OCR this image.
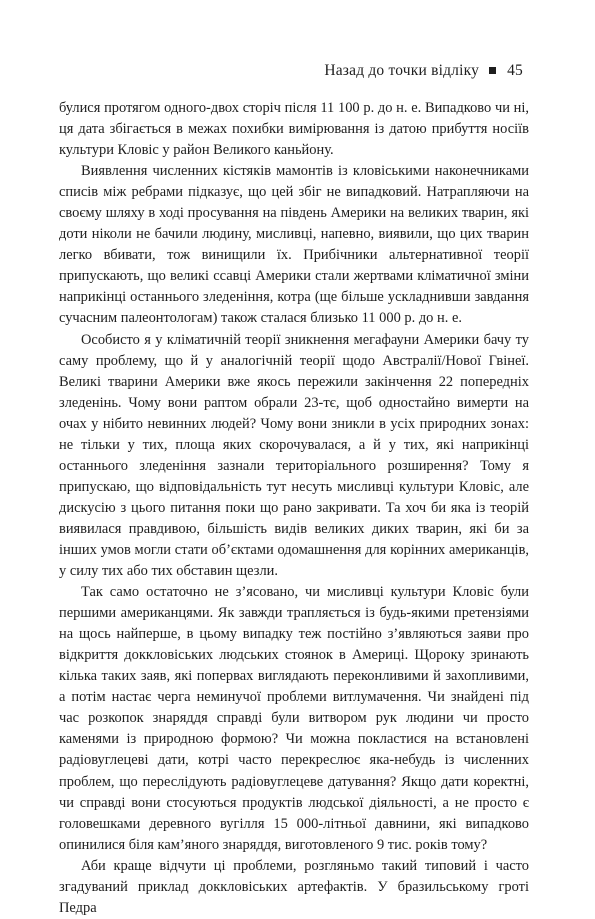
Назад до точки відліку 45

булися протягом одного-двох сторіч після 11 100 р. до н. е. Випадково чи ні, ця дата збігається в межах похибки вимірювання із датою прибуття носіїв культури Кловіс у район Великого каньйону.

Виявлення численних кістяків мамонтів із кловіськими наконечниками списів між ребрами підказує, що цей збіг не випадковий. Натрапляючи на своєму шляху в ході просування на південь Америки на великих тварин, які доти ніколи не бачили людину, мисливці, напевно, виявили, що цих тварин легко вбивати, тож винищили їх. Прибічники альтернативної теорії припускають, що великі ссавці Америки стали жертвами кліматичної зміни наприкінці останнього зледеніння, котра (ще більше ускладнивши завдання сучасним палеонтологам) також сталася близько 11 000 р. до н. е.

Особисто я у кліматичній теорії зникнення мегафауни Америки бачу ту саму проблему, що й у аналогічній теорії щодо Австралії/Нової Гвінеї. Великі тварини Америки вже якось пережили закінчення 22 попередніх зледенінь. Чому вони раптом обрали 23-тє, щоб одностайно вимерти на очах у нібито невинних людей? Чому вони зникли в усіх природних зонах: не тільки у тих, площа яких скорочувалася, а й у тих, які наприкінці останнього зледеніння зазнали територіального розширення? Тому я припускаю, що відповідальність тут несуть мисливці культури Кловіс, але дискусію з цього питання поки що рано закривати. Та хоч би яка із теорій виявилася правдивою, більшість видів великих диких тварин, які би за інших умов могли стати об’єктами одомашнення для корінних американців, у силу тих або тих обставин щезли.

Так само остаточно не з’ясовано, чи мисливці культури Кловіс були першими американцями. Як завжди трапляється із будь-якими претензіями на щось найперше, в цьому випадку теж постійно з’являються заяви про відкриття доккловіських людських стоянок в Америці. Щороку зринають кілька таких заяв, які поперваx виглядають переконливими й захопливими, а потім настає черга неминучої проблеми витлумачення. Чи знайдені під час розкопок знаряддя справді були витвором рук людини чи просто каменями із природною формою? Чи можна покластися на встановлені радіовуглецеві дати, котрі часто перекреслює яка-небудь із численних проблем, що переслідують радіовуглецеве датування? Якщо дати коректні, чи справді вони стосуються продуктів людської діяльності, а не просто є головешками деревного вугілля 15 000-літньої давнини, які випадково опинилися біля кам’яного знаряддя, виготовленого 9 тис. років тому?

Аби краще відчути ці проблеми, розгляньмо такий типовий і часто згадуваний приклад доккловіських артефактів. У бразильському гроті Педра
